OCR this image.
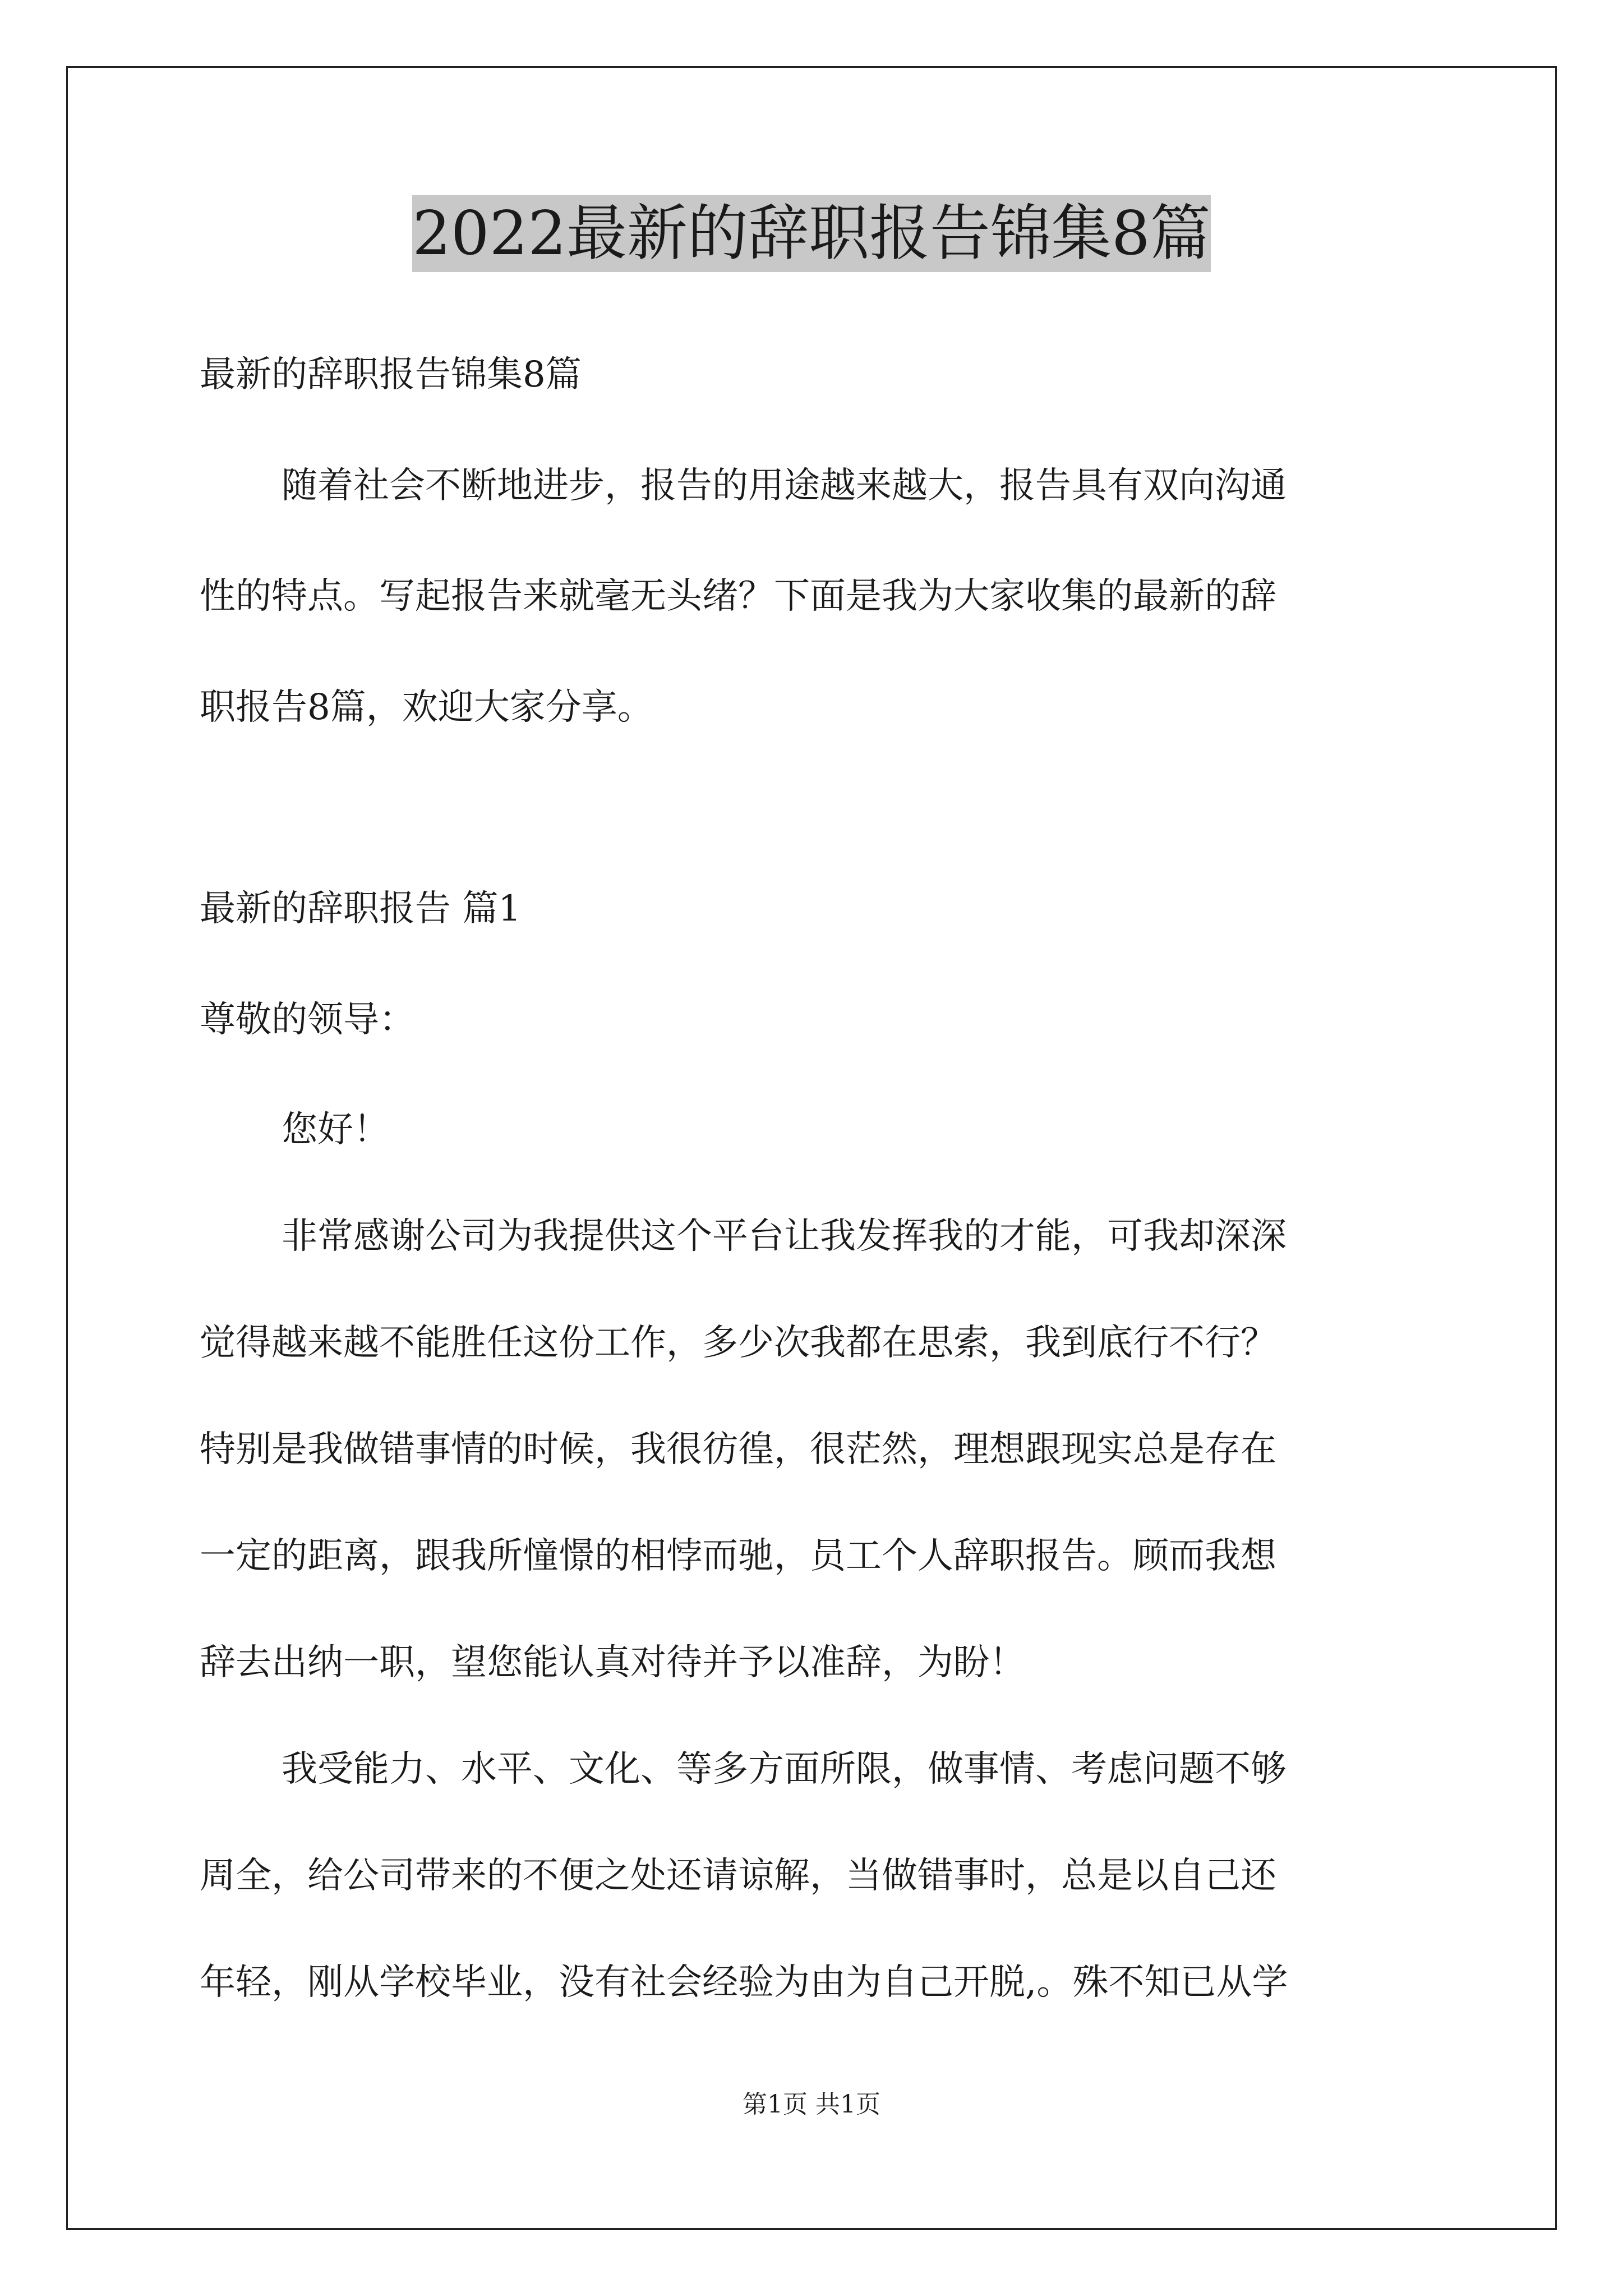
2022最新的辞职报告锦集8篇

最新的辞职报告锦集8篇

随着社会不断地进步，报告的用途越来越大，报告具有双向沟通

性的特点。写起报告来就毫无头绪？下面是我为大家收集的最新的辞

职报告8篇，欢迎大家分享。

最新的辞职报告 篇1

尊敬的领导：

您好！

非常感谢公司为我提供这个平台让我发挥我的才能，可我却深深

觉得越来越不能胜任这份工作，多少次我都在思索，我到底行不行？

特别是我做错事情的时候，我很彷徨，很茫然，理想跟现实总是存在

一定的距离，跟我所憧憬的相悖而驰，员工个人辞职报告。顾而我想

辞去出纳一职，望您能认真对待并予以准辞，为盼！

我受能力、水平、文化、等多方面所限，做事情、考虑问题不够

周全，给公司带来的不便之处还请谅解，当做错事时，总是以自己还

年轻，刚从学校毕业，没有社会经验为由为自己开脱,。殊不知已从学

第1页 共1页
